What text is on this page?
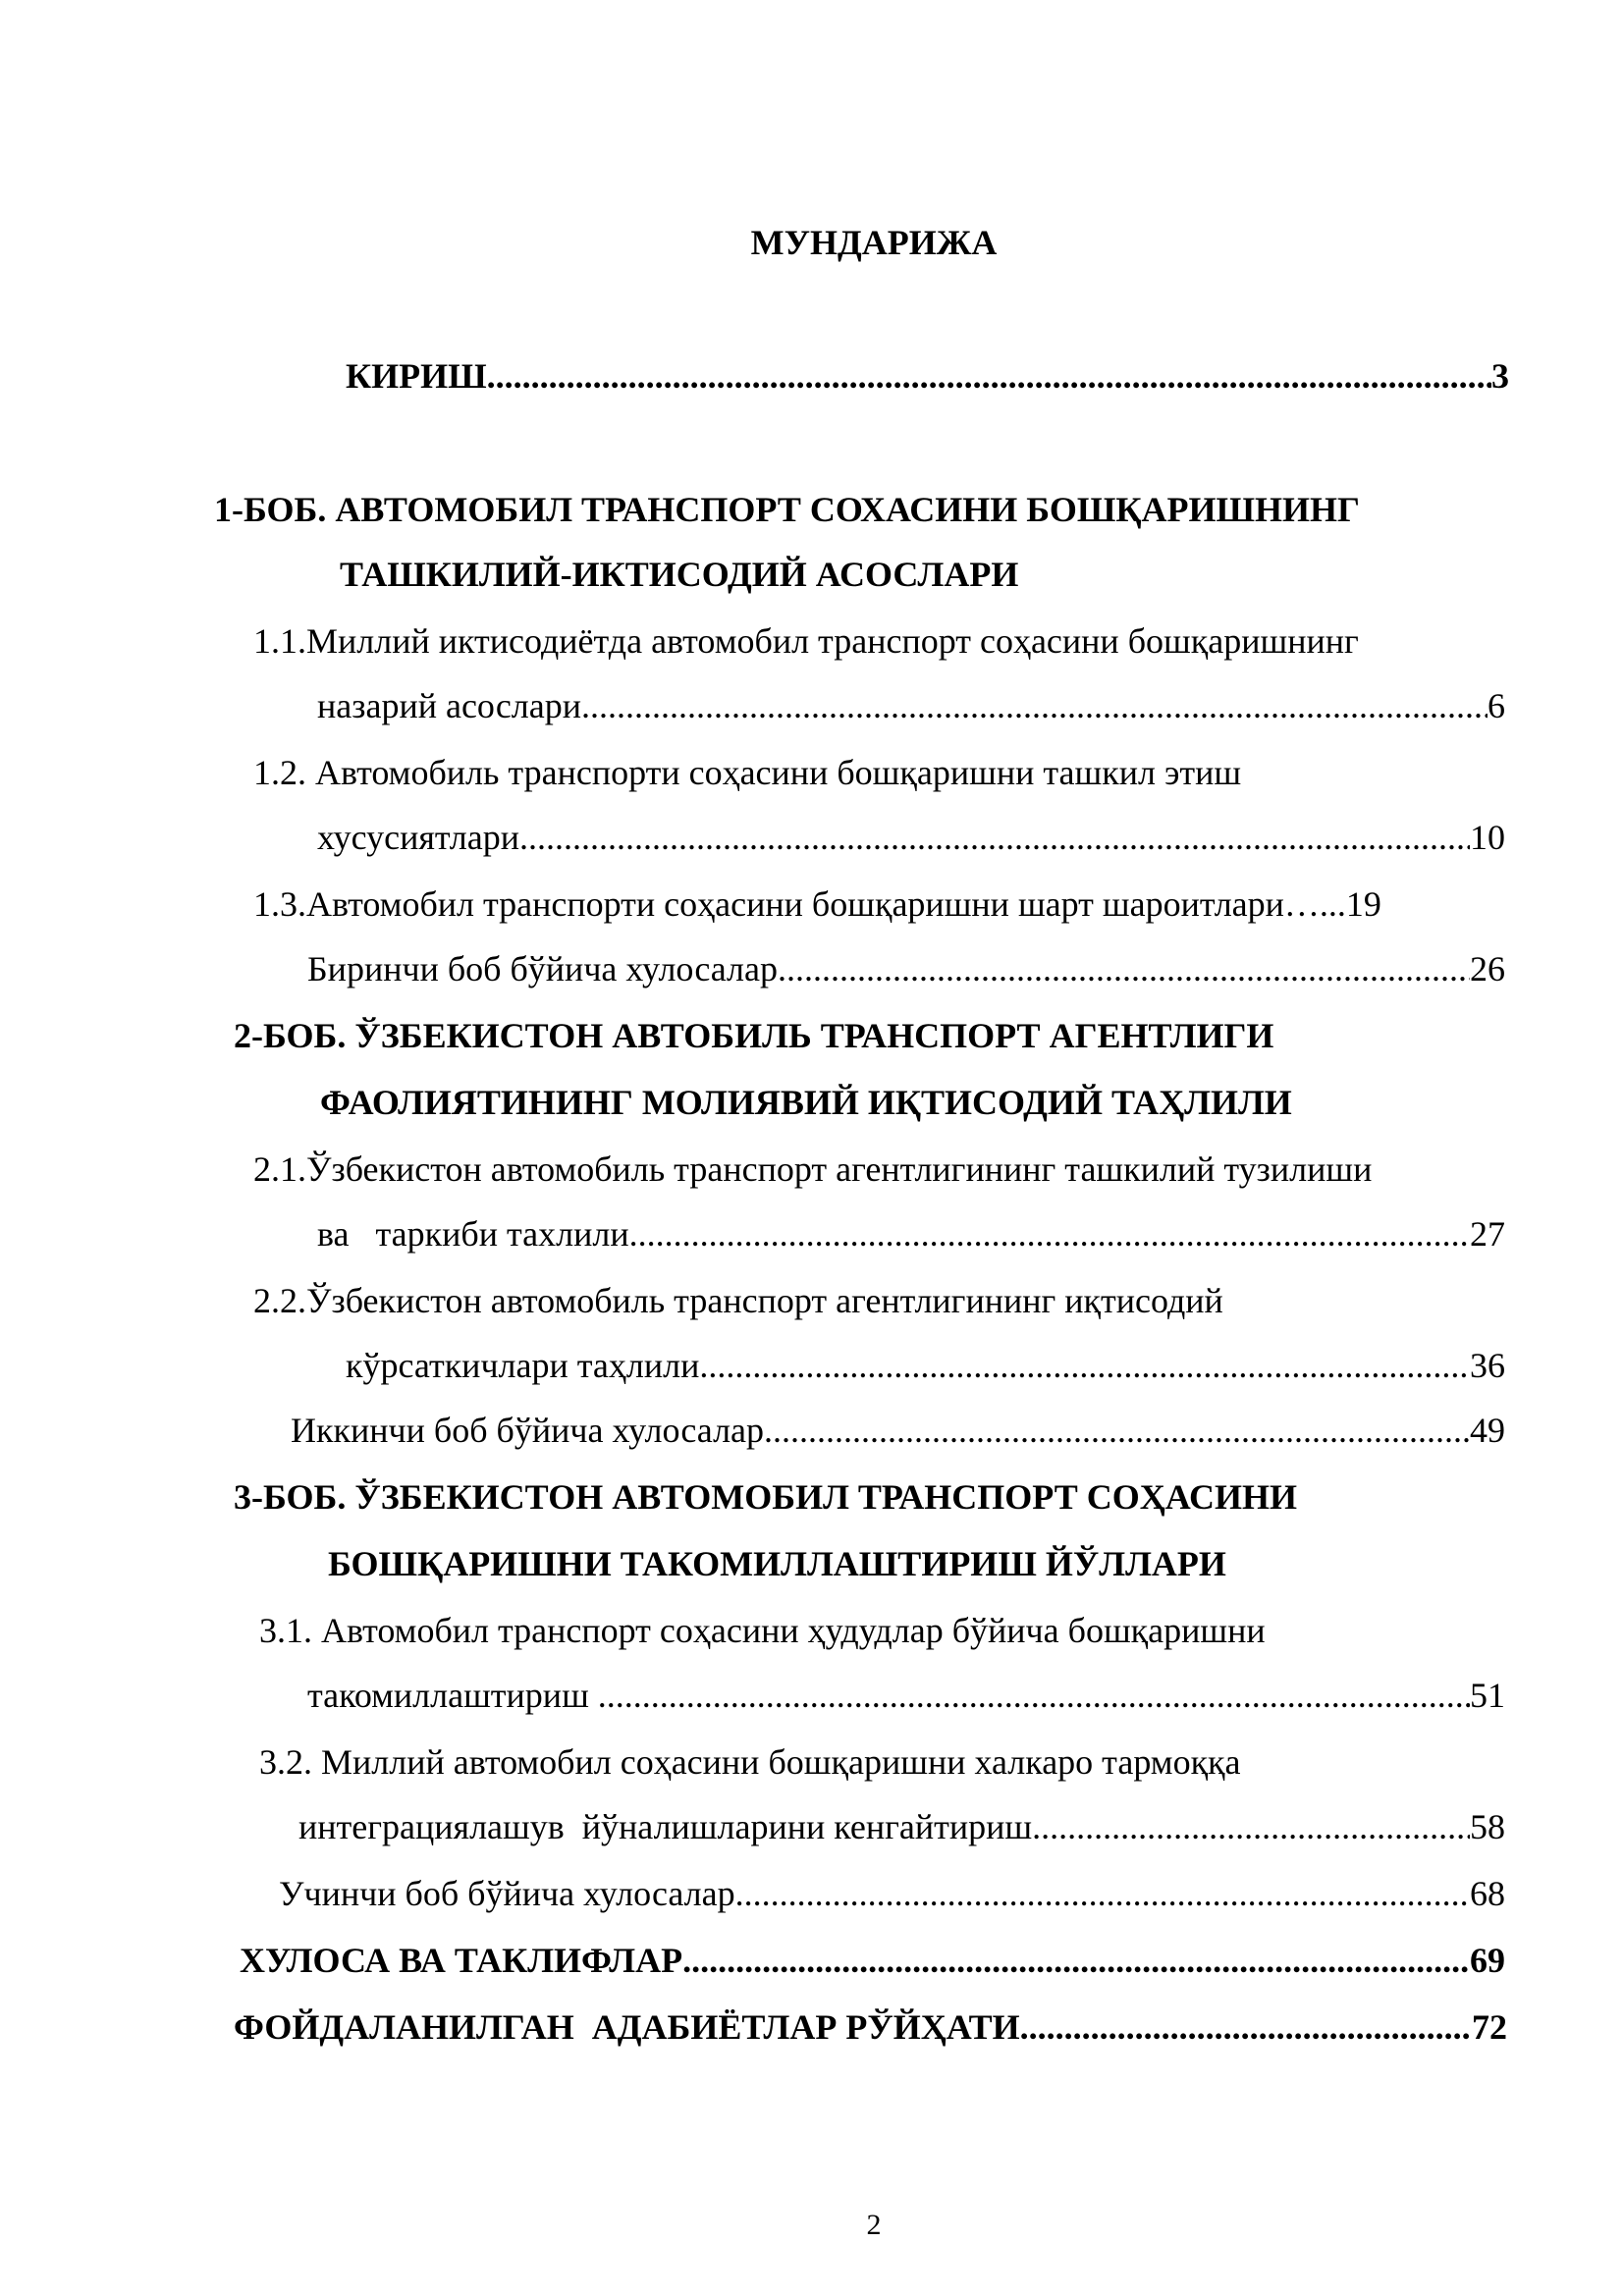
МУНДАРИЖА
КИРИШ .....	3
1-БОБ. АВТОМОБИЛ ТРАНСПОРТ СОХАСИНИ БОШҚАРИШНИНГ
ТАШКИЛИЙ-ИКТИСОДИЙ АСОСЛАРИ
1.1.Миллий иктисодиётда автомобил транспорт соҳасини бошқаришнинг
назарий асослари .....	6
1.2. Автомобиль транспорти соҳасини бошқаришни ташкил этиш
хусусиятлари .....	10
1.3.Автомобил транспорти соҳасини бошқаришни шарт шароитлари…...19
Биринчи боб бўйича хулосалар .....	26
2-БОБ. ЎЗБЕКИСТОН АВТОБИЛЬ ТРАНСПОРТ АГЕНТЛИГИ
ФАОЛИЯТИНИНГ МОЛИЯВИЙ ИҚТИСОДИЙ ТАҲЛИЛИ
2.1.Ўзбекистон автомобиль транспорт агентлигининг ташкилий тузилиши
ва   таркиби тахлили .....	27
2.2.Ўзбекистон автомобиль транспорт агентлигининг иқтисодий
кўрсаткичлари таҳлили .....	36
Иккинчи боб бўйича хулосалар .....	49
3-БОБ. ЎЗБЕКИСТОН АВТОМОБИЛ ТРАНСПОРТ СОҲАСИНИ
БОШҚАРИШНИ ТАКОМИЛЛАШТИРИШ ЙЎЛЛАРИ
3.1. Автомобил транспорт соҳасини ҳудудлар бўйича бошқаришни
такомиллаштириш .....	51
3.2. Миллий автомобил соҳасини бошқаришни халкаро тармоққа
интеграциялашув  йўналишларини кенгайтириш .....	58
Учинчи боб бўйича хулосалар .....	68
ХУЛОСА ВА ТАКЛИФЛАР .....	69
ФОЙДАЛАНИЛГАН  АДАБИЁТЛАР РЎЙҲАТИ .....	72
2
